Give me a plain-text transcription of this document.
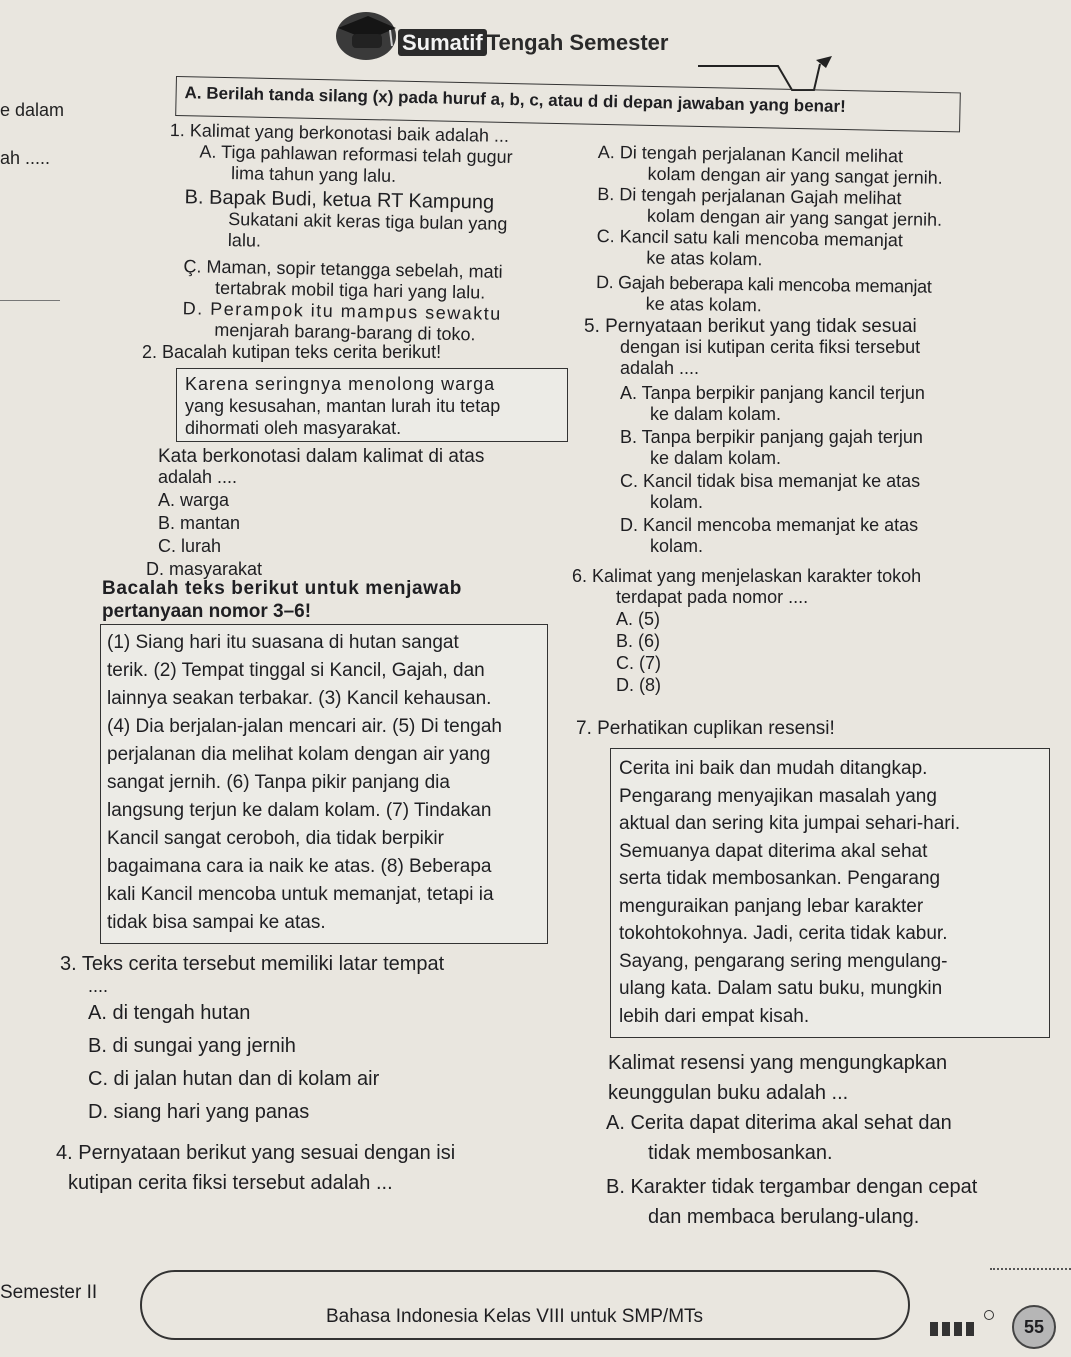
Sumatif Tengah Semester
A. Berilah tanda silang (x) pada huruf a, b, c, atau d di depan jawaban yang benar!
e dalam
ah .....
1. Kalimat yang berkonotasi baik adalah ...
A. Tiga pahlawan reformasi telah gugur
lima tahun yang lalu.
B. Bapak Budi, ketua RT Kampung
Sukatani akit keras tiga bulan yang
lalu.
Ç. Maman, sopir tetangga sebelah, mati
tertabrak mobil tiga hari yang lalu.
D. Perampok itu mampus sewaktu
menjarah barang-barang di toko.
2. Bacalah kutipan teks cerita berikut!
Karena seringnya menolong warga
yang kesusahan, mantan lurah itu tetap
dihormati oleh masyarakat.
Kata berkonotasi dalam kalimat di atas
adalah ....
A. warga
B. mantan
C. lurah
D. masyarakat
Bacalah teks berikut untuk menjawab
pertanyaan nomor 3–6!
(1) Siang hari itu suasana di hutan sangat
terik. (2) Tempat tinggal si Kancil, Gajah, dan
lainnya seakan terbakar. (3) Kancil kehausan.
(4) Dia berjalan-jalan mencari air. (5) Di tengah
perjalanan dia melihat kolam dengan air yang
sangat jernih. (6) Tanpa pikir panjang dia
langsung terjun ke dalam kolam. (7) Tindakan
Kancil sangat ceroboh, dia tidak berpikir
bagaimana cara ia naik ke atas. (8) Beberapa
kali Kancil mencoba untuk memanjat, tetapi ia
tidak bisa sampai ke atas.
3. Teks cerita tersebut memiliki latar tempat
....
A. di tengah hutan
B. di sungai yang jernih
C. di jalan hutan dan di kolam air
D. siang hari yang panas
4. Pernyataan berikut yang sesuai dengan isi
kutipan cerita fiksi tersebut adalah ...
A. Di tengah perjalanan Kancil melihat
kolam dengan air yang sangat jernih.
B. Di tengah perjalanan Gajah melihat
kolam dengan air yang sangat jernih.
C. Kancil satu kali mencoba memanjat
ke atas kolam.
D. Gajah beberapa kali mencoba memanjat
ke atas kolam.
5. Pernyataan berikut yang tidak sesuai
dengan isi kutipan cerita fiksi tersebut
adalah ....
A. Tanpa berpikir panjang kancil terjun
ke dalam kolam.
B. Tanpa berpikir panjang gajah terjun
ke dalam kolam.
C. Kancil tidak bisa memanjat ke atas
kolam.
D. Kancil mencoba memanjat ke atas
kolam.
6. Kalimat yang menjelaskan karakter tokoh
terdapat pada nomor ....
A. (5)
B. (6)
C. (7)
D. (8)
7. Perhatikan cuplikan resensi!
Cerita ini baik dan mudah ditangkap.
Pengarang menyajikan masalah yang
aktual dan sering kita jumpai sehari-hari.
Semuanya dapat diterima akal sehat
serta tidak membosankan. Pengarang
menguraikan panjang lebar karakter
tokohtokohnya. Jadi, cerita tidak kabur.
Sayang, pengarang sering mengulang-
ulang kata. Dalam satu buku, mungkin
lebih dari empat kisah.
Kalimat resensi yang mengungkapkan
keunggulan buku adalah ...
A. Cerita dapat diterima akal sehat dan
tidak membosankan.
B. Karakter tidak tergambar dengan cepat
dan membaca berulang-ulang.
Semester II
Bahasa Indonesia Kelas VIII untuk SMP/MTs	55
